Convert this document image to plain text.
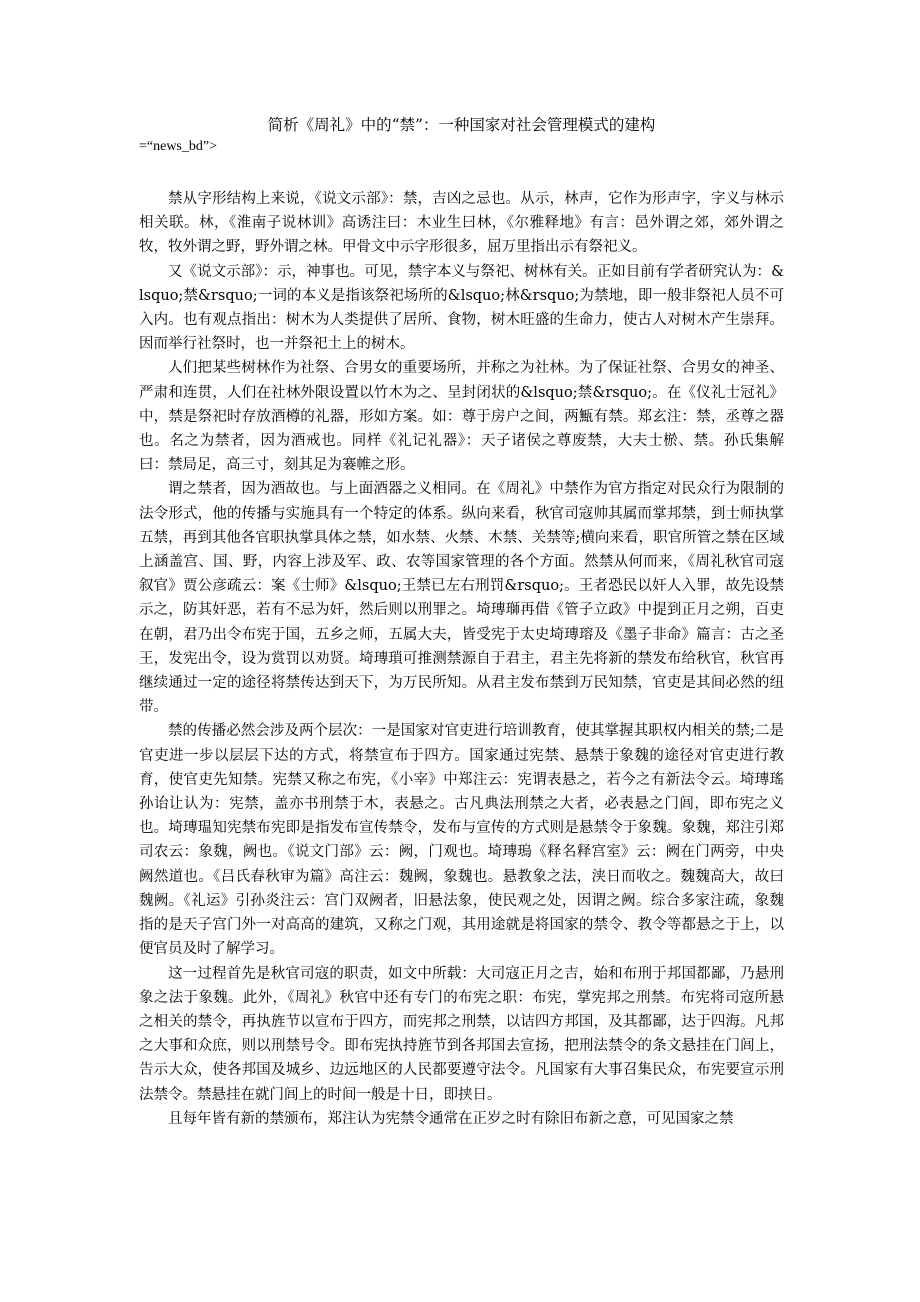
简析《周礼》中的“禁”：一种国家对社会管理模式的建构
=“news_bd”>

禁从字形结构上来说，《说文示部》：禁，吉凶之忌也。从示，林声，它作为形声字，字义与林示相关联。林，《淮南子说林训》高诱注曰：木业生曰林，《尔雅释地》有言：邑外谓之郊，郊外谓之牧，牧外谓之野，野外谓之林。甲骨文中示字形很多，屈万里指出示有祭祀义。

又《说文示部》：示，神事也。可见，禁字本义与祭祀、树林有关。正如目前有学者研究认为：&lsquo;禁&rsquo;一词的本义是指该祭祀场所的&lsquo;林&rsquo;为禁地，即一般非祭祀人员不可入内。也有观点指出：树木为人类提供了居所、食物，树木旺盛的生命力，使古人对树木产生崇拜。因而举行社祭时，也一并祭祀土上的树木。

人们把某些树林作为社祭、合男女的重要场所，并称之为社林。为了保证社祭、合男女的神圣、严肃和连贯，人们在社林外限设置以竹木为之、呈封闭状的&lsquo;禁&rsquo;。在《仪礼士冠礼》中，禁是祭祀时存放酒樽的礼器，形如方案。如：尊于房户之间，两甒有禁。郑玄注：禁，丞尊之器也。名之为禁者，因为酒戒也。同样《礼记礼器》：天子诸侯之尊废禁，大夫士棜、禁。孙氏集解曰：禁局足，高三寸，刻其足为褰帷之形。

谓之禁者，因为酒故也。与上面酒器之义相同。在《周礼》中禁作为官方指定对民众行为限制的法令形式，他的传播与实施具有一个特定的体系。纵向来看，秋官司寇帅其属而掌邦禁，到士师执掌五禁，再到其他各官职执掌具体之禁，如水禁、火禁、木禁、关禁等;横向来看，职官所管之禁在区域上涵盖宫、国、野，内容上涉及军、政、农等国家管理的各个方面。然禁从何而来，《周礼秋官司寇叙官》贾公彦疏云：案《士师》&lsquo;王禁已左右刑罚&rsquo;。王者恐民以奸人入罪，故先设禁示之，防其奸恶，若有不忌为奸，然后则以刑罪之。埼瑼瑡再借《管子立政》中提到正月之朔，百吏在朝，君乃出令布宪于国，五乡之师，五属大夫，皆受宪于太史埼瑼瑢及《墨子非命》篇言：古之圣王，发宪出令，设为赏罚以劝贤。埼瑼瑣可推测禁源自于君主，君主先将新的禁发布给秋官，秋官再继续通过一定的途径将禁传达到天下，为万民所知。从君主发布禁到万民知禁，官吏是其间必然的纽带。

禁的传播必然会涉及两个层次：一是国家对官吏进行培训教育，使其掌握其职权内相关的禁;二是官吏进一步以层层下达的方式，将禁宣布于四方。国家通过宪禁、悬禁于象魏的途径对官吏进行教育，使官吏先知禁。宪禁又称之布宪，《小宰》中郑注云：宪谓表悬之，若今之有新法令云。埼瑼瑤孙诒让认为：宪禁，盖亦书刑禁于木，表悬之。古凡典法刑禁之大者，必表悬之门闾，即布宪之义也。埼瑼瑥知宪禁布宪即是指发布宣传禁令，发布与宣传的方式则是悬禁令于象魏。象魏，郑注引郑司农云：象魏，阙也。《说文门部》云：阙，门观也。埼瑼瑦《释名释宫室》云：阙在门两旁，中央阙然道也。《吕氏春秋审为篇》高注云：魏阙，象魏也。悬教象之法，浃日而收之。魏魏高大，故曰魏阙。《礼运》引孙炎注云：宫门双阙者，旧悬法象，使民观之处，因谓之阙。综合多家注疏，象魏指的是天子宫门外一对高高的建筑，又称之门观，其用途就是将国家的禁令、教令等都悬之于上，以便官员及时了解学习。

这一过程首先是秋官司寇的职责，如文中所载：大司寇正月之吉，始和布刑于邦国都鄙，乃悬刑象之法于象魏。此外，《周礼》秋官中还有专门的布宪之职：布宪，掌宪邦之刑禁。布宪将司寇所悬之相关的禁令，再执旌节以宣布于四方，而宪邦之刑禁，以诘四方邦国，及其都鄙，达于四海。凡邦之大事和众庶，则以刑禁号令。即布宪执持旌节到各邦国去宣扬，把刑法禁令的条文悬挂在门闾上，告示大众，使各邦国及城乡、边远地区的人民都要遵守法令。凡国家有大事召集民众，布宪要宣示刑法禁令。禁悬挂在就门闾上的时间一般是十日，即挟日。

且每年皆有新的禁颁布，郑注认为宪禁令通常在正岁之时有除旧布新之意，可见国家之禁
